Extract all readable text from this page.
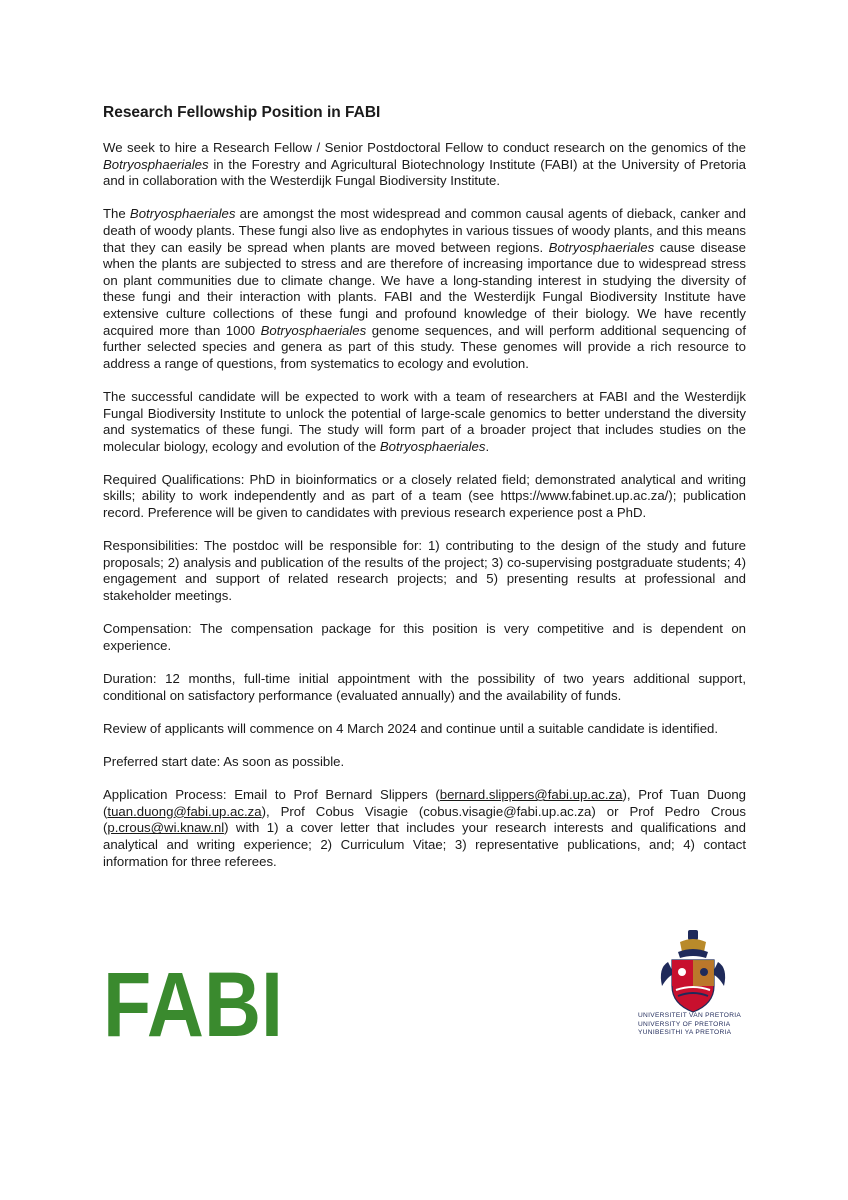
Research Fellowship Position in FABI

We seek to hire a Research Fellow / Senior Postdoctoral Fellow to conduct research on the genomics of the Botryosphaeriales in the Forestry and Agricultural Biotechnology Institute (FABI) at the University of Pretoria and in collaboration with the Westerdijk Fungal Biodiversity Institute.

The Botryosphaeriales are amongst the most widespread and common causal agents of dieback, canker and death of woody plants. These fungi also live as endophytes in various tissues of woody plants, and this means that they can easily be spread when plants are moved between regions. Botryosphaeriales cause disease when the plants are subjected to stress and are therefore of increasing importance due to widespread stress on plant communities due to climate change. We have a long-standing interest in studying the diversity of these fungi and their interaction with plants. FABI and the Westerdijk Fungal Biodiversity Institute have extensive culture collections of these fungi and profound knowledge of their biology. We have recently acquired more than 1000 Botryosphaeriales genome sequences, and will perform additional sequencing of further selected species and genera as part of this study. These genomes will provide a rich resource to address a range of questions, from systematics to ecology and evolution.

The successful candidate will be expected to work with a team of researchers at FABI and the Westerdijk Fungal Biodiversity Institute to unlock the potential of large-scale genomics to better understand the diversity and systematics of these fungi. The study will form part of a broader project that includes studies on the molecular biology, ecology and evolution of the Botryosphaeriales.

Required Qualifications: PhD in bioinformatics or a closely related field; demonstrated analytical and writing skills; ability to work independently and as part of a team (see https://www.fabinet.up.ac.za/); publication record. Preference will be given to candidates with previous research experience post a PhD.

Responsibilities: The postdoc will be responsible for: 1) contributing to the design of the study and future proposals; 2) analysis and publication of the results of the project; 3) co-supervising postgraduate students; 4) engagement and support of related research projects; and 5) presenting results at professional and stakeholder meetings.

Compensation: The compensation package for this position is very competitive and is dependent on experience.

Duration: 12 months, full-time initial appointment with the possibility of two years additional support, conditional on satisfactory performance (evaluated annually) and the availability of funds.

Review of applicants will commence on 4 March 2024 and continue until a suitable candidate is identified.

Preferred start date: As soon as possible.

Application Process: Email to Prof Bernard Slippers (bernard.slippers@fabi.up.ac.za), Prof Tuan Duong (tuan.duong@fabi.up.ac.za), Prof Cobus Visagie (cobus.visagie@fabi.up.ac.za) or Prof Pedro Crous (p.crous@wi.knaw.nl) with 1) a cover letter that includes your research interests and qualifications and analytical and writing experience; 2) Curriculum Vitae; 3) representative publications, and; 4) contact information for three referees.

FABI	UNIVERSITEIT VAN PRETORIA
UNIVERSITY OF PRETORIA
YUNIBESITHI YA PRETORIA
